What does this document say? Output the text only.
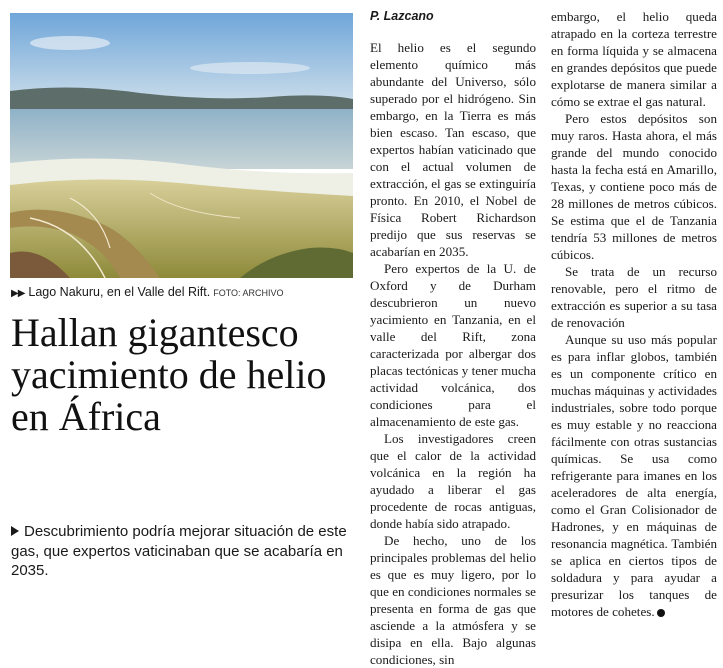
▶▶ Lago Nakuru, en el Valle del Rift. FOTO: ARCHIVO
Hallan gigantesco yacimiento de helio en África

Descubrimiento podría mejorar situación de este gas, que expertos vaticinaban que se acabaría en 2035.

P. Lazcano

El helio es el segundo elemento químico más abundante del Universo, sólo superado por el hidrógeno. Sin embargo, en la Tierra es más bien escaso. Tan escaso, que expertos habían vaticinado que con el actual volumen de extracción, el gas se extinguiría pronto. En 2010, el Nobel de Física Robert Richardson predijo que sus reservas se acabarían en 2035.

Pero expertos de la U. de Oxford y de Durham descubrieron un nuevo yacimiento en Tanzania, en el valle del Rift, zona caracterizada por albergar dos placas tectónicas y tener mucha actividad volcánica, dos condiciones para el almacenamiento de este gas.

Los investigadores creen que el calor de la actividad volcánica en la región ha ayudado a liberar el gas procedente de rocas antiguas, donde había sido atrapado.

De hecho, uno de los principales problemas del helio es que es muy ligero, por lo que en condiciones normales se presenta en forma de gas que asciende a la atmósfera y se disipa en ella. Bajo algunas condiciones, sin

embargo, el helio queda atrapado en la corteza terrestre en forma líquida y se almacena en grandes depósitos que puede explotarse de manera similar a cómo se extrae el gas natural.

Pero estos depósitos son muy raros. Hasta ahora, el más grande del mundo conocido hasta la fecha está en Amarillo, Texas, y contiene poco más de 28 millones de metros cúbicos. Se estima que el de Tanzania tendría 53 millones de metros cúbicos.

Se trata de un recurso renovable, pero el ritmo de extracción es superior a su tasa de renovación

Aunque su uso más popular es para inflar globos, también es un componente crítico en muchas máquinas y actividades industriales, sobre todo porque es muy estable y no reacciona fácilmente con otras sustancias químicas. Se usa como refrigerante para imanes en los aceleradores de alta energía, como el Gran Colisionador de Hadrones, y en máquinas de resonancia magnética. También se aplica en ciertos tipos de soldadura y para ayudar a presurizar los tanques de motores de cohetes.
